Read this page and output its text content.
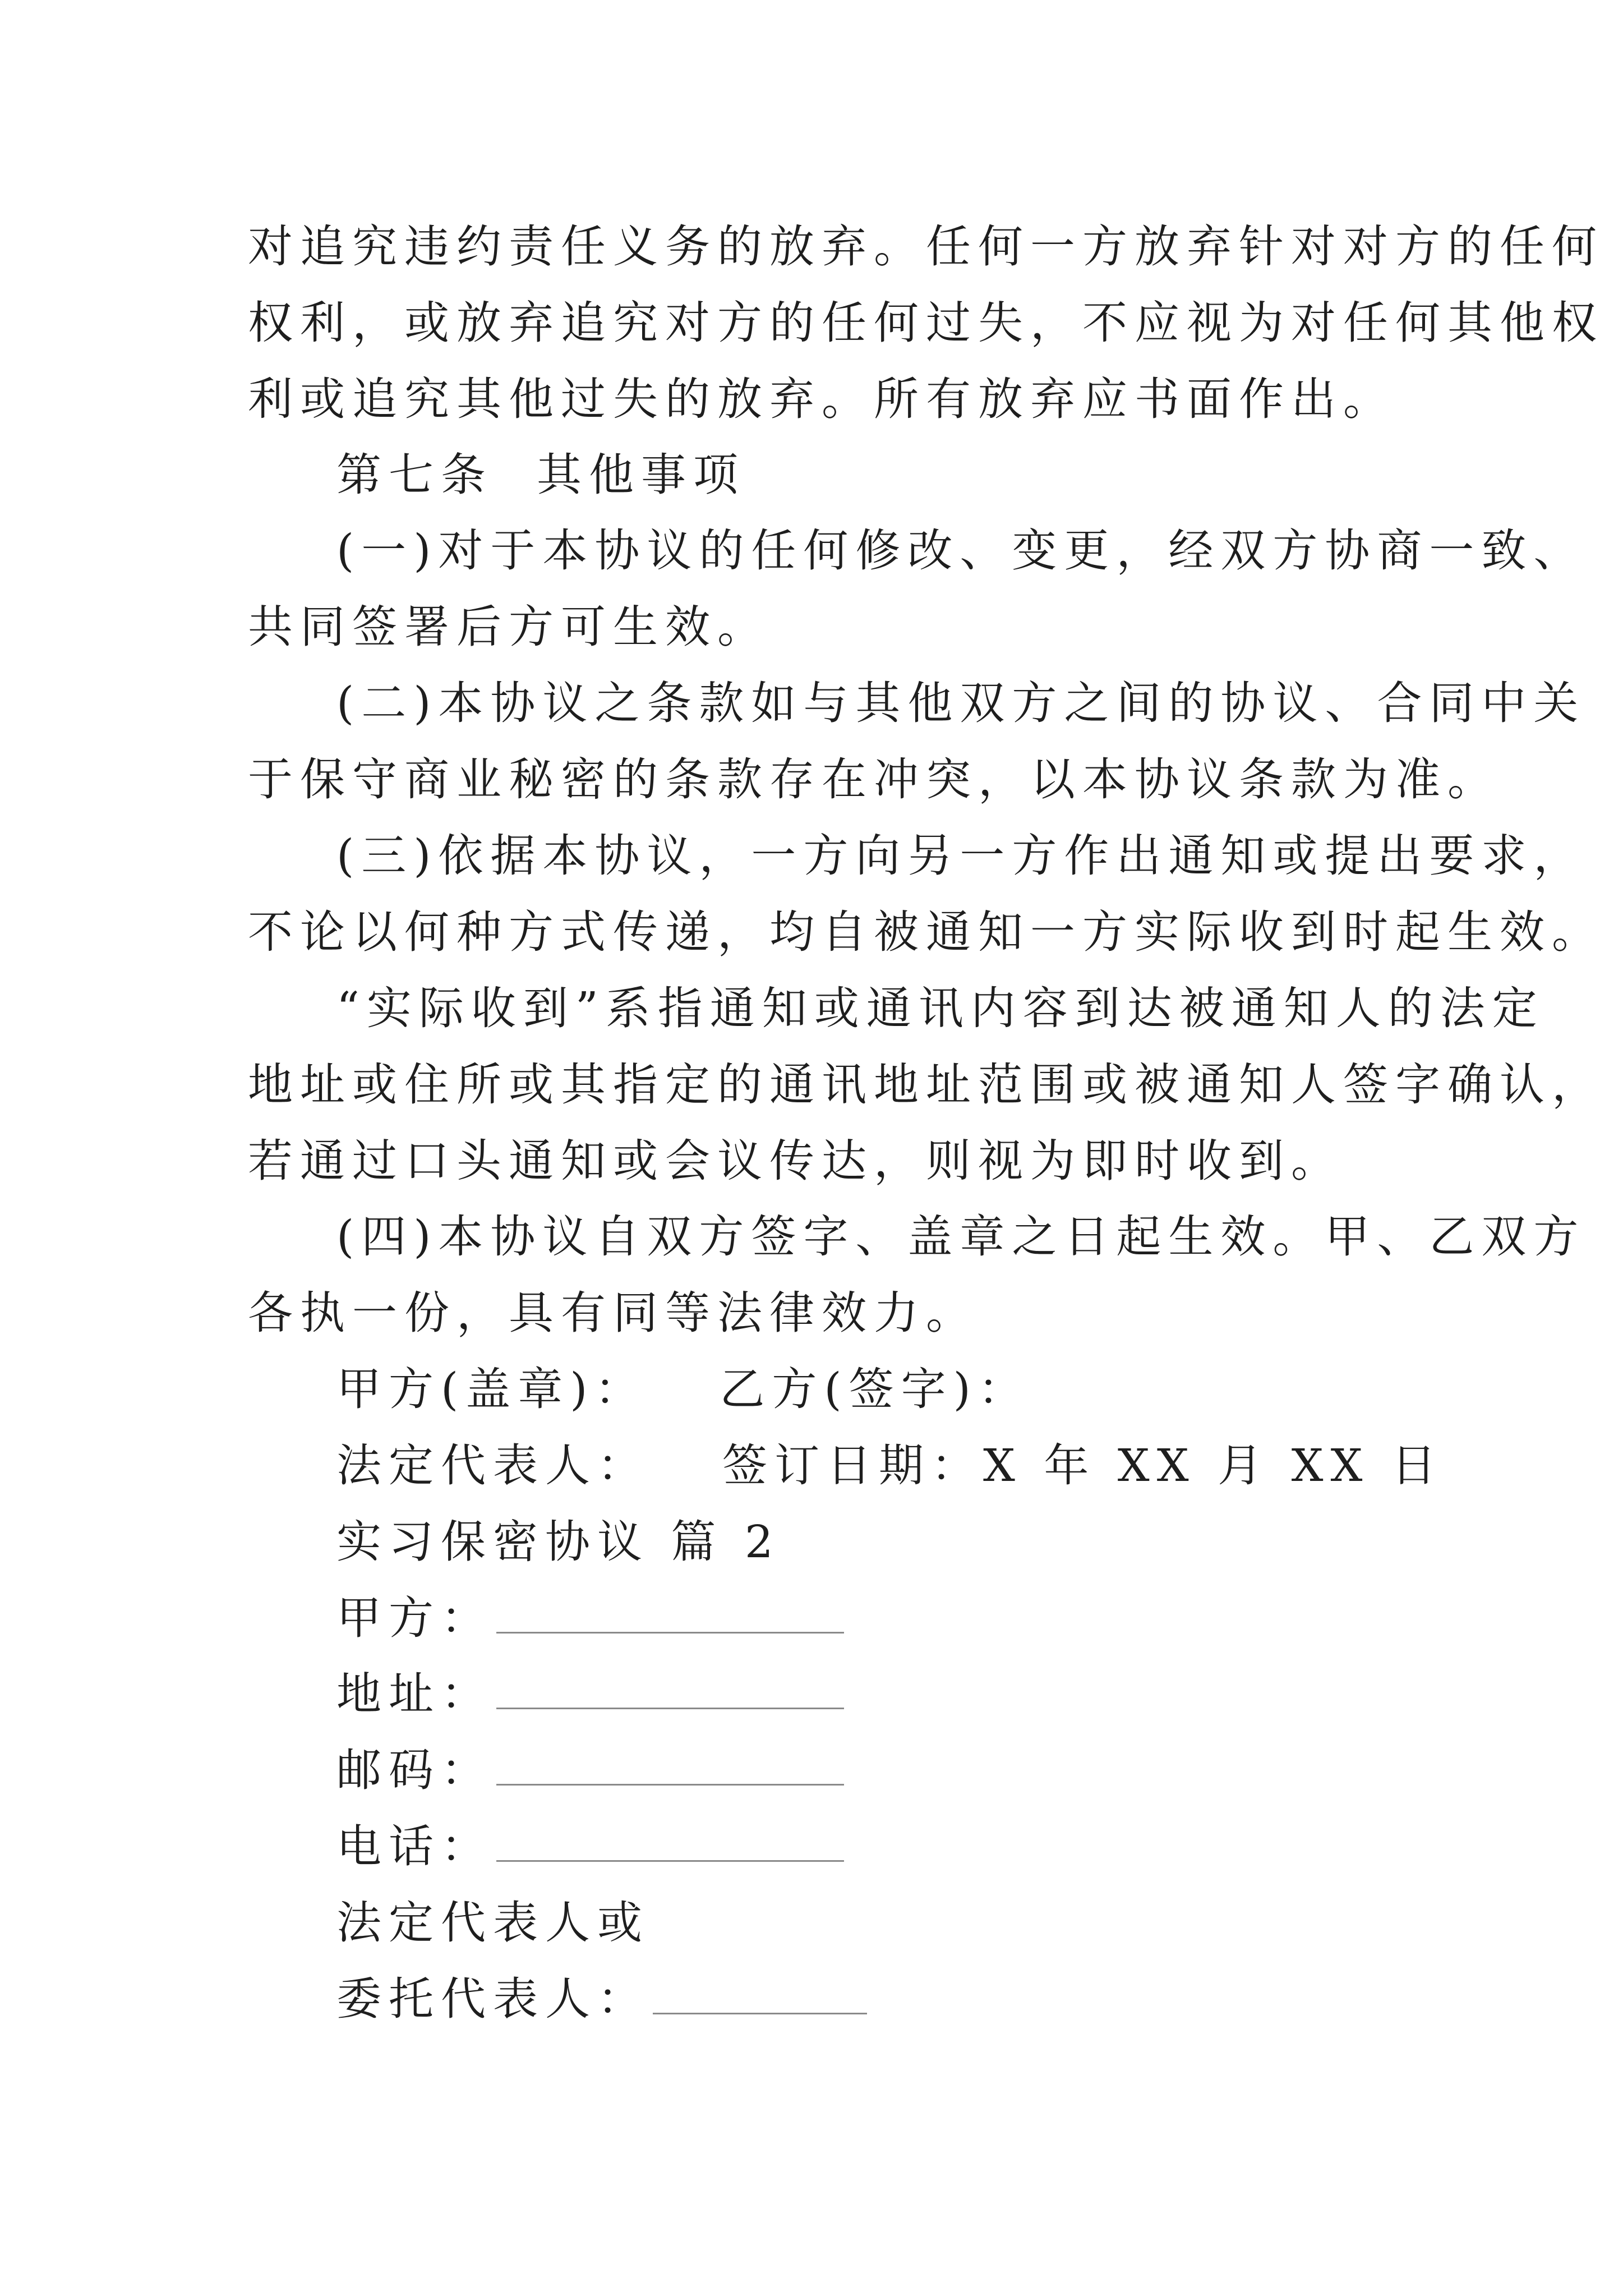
对追究违约责任义务的放弃。任何一方放弃针对对方的任何
权利，或放弃追究对方的任何过失，不应视为对任何其他权
利或追究其他过失的放弃。所有放弃应书面作出。
第七条 其他事项
(一)对于本协议的任何修改、变更，经双方协商一致、
共同签署后方可生效。
(二)本协议之条款如与其他双方之间的协议、合同中关
于保守商业秘密的条款存在冲突，以本协议条款为准。
(三)依据本协议，一方向另一方作出通知或提出要求，
不论以何种方式传递，均自被通知一方实际收到时起生效。
“实际收到”系指通知或通讯内容到达被通知人的法定
地址或住所或其指定的通讯地址范围或被通知人签字确认，
若通过口头通知或会议传达，则视为即时收到。
(四)本协议自双方签字、盖章之日起生效。甲、乙双方
各执一份，具有同等法律效力。
甲方(盖章)： 乙方(签字)：
法定代表人： 签订日期：X 年 XX 月 XX 日
实习保密协议 篇 2
甲方：
地址：
邮码：
电话：
法定代表人或
委托代表人：
